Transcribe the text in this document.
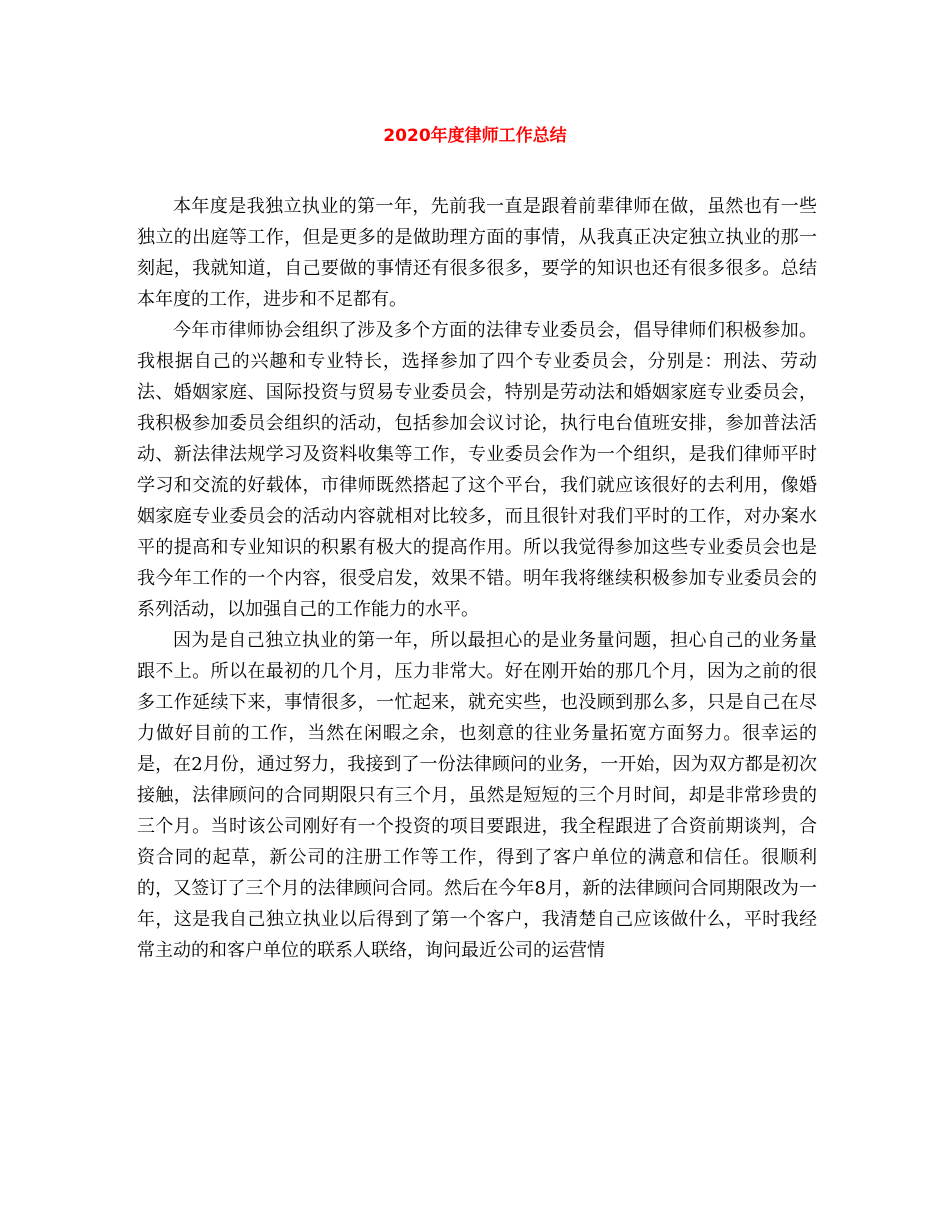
2020年度律师工作总结

本年度是我独立执业的第一年，先前我一直是跟着前辈律师在做，虽然也有一些独立的出庭等工作，但是更多的是做助理方面的事情，从我真正决定独立执业的那一刻起，我就知道，自己要做的事情还有很多很多，要学的知识也还有很多很多。总结本年度的工作，进步和不足都有。

今年市律师协会组织了涉及多个方面的法律专业委员会，倡导律师们积极参加。我根据自己的兴趣和专业特长，选择参加了四个专业委员会，分别是：刑法、劳动法、婚姻家庭、国际投资与贸易专业委员会，特别是劳动法和婚姻家庭专业委员会，我积极参加委员会组织的活动，包括参加会议讨论，执行电台值班安排，参加普法活动、新法律法规学习及资料收集等工作，专业委员会作为一个组织，是我们律师平时学习和交流的好载体，市律师既然搭起了这个平台，我们就应该很好的去利用，像婚姻家庭专业委员会的活动内容就相对比较多，而且很针对我们平时的工作，对办案水平的提高和专业知识的积累有极大的提高作用。所以我觉得参加这些专业委员会也是我今年工作的一个内容，很受启发，效果不错。明年我将继续积极参加专业委员会的系列活动，以加强自己的工作能力的水平。

因为是自己独立执业的第一年，所以最担心的是业务量问题，担心自己的业务量跟不上。所以在最初的几个月，压力非常大。好在刚开始的那几个月，因为之前的很多工作延续下来，事情很多，一忙起来，就充实些，也没顾到那么多，只是自己在尽力做好目前的工作，当然在闲暇之余，也刻意的往业务量拓宽方面努力。很幸运的是，在2月份，通过努力，我接到了一份法律顾问的业务，一开始，因为双方都是初次接触，法律顾问的合同期限只有三个月，虽然是短短的三个月时间，却是非常珍贵的三个月。当时该公司刚好有一个投资的项目要跟进，我全程跟进了合资前期谈判，合资合同的起草，新公司的注册工作等工作，得到了客户单位的满意和信任。很顺利的，又签订了三个月的法律顾问合同。然后在今年8月，新的法律顾问合同期限改为一年，这是我自己独立执业以后得到了第一个客户，我清楚自己应该做什么，平时我经常主动的和客户单位的联系人联络，询问最近公司的运营情
